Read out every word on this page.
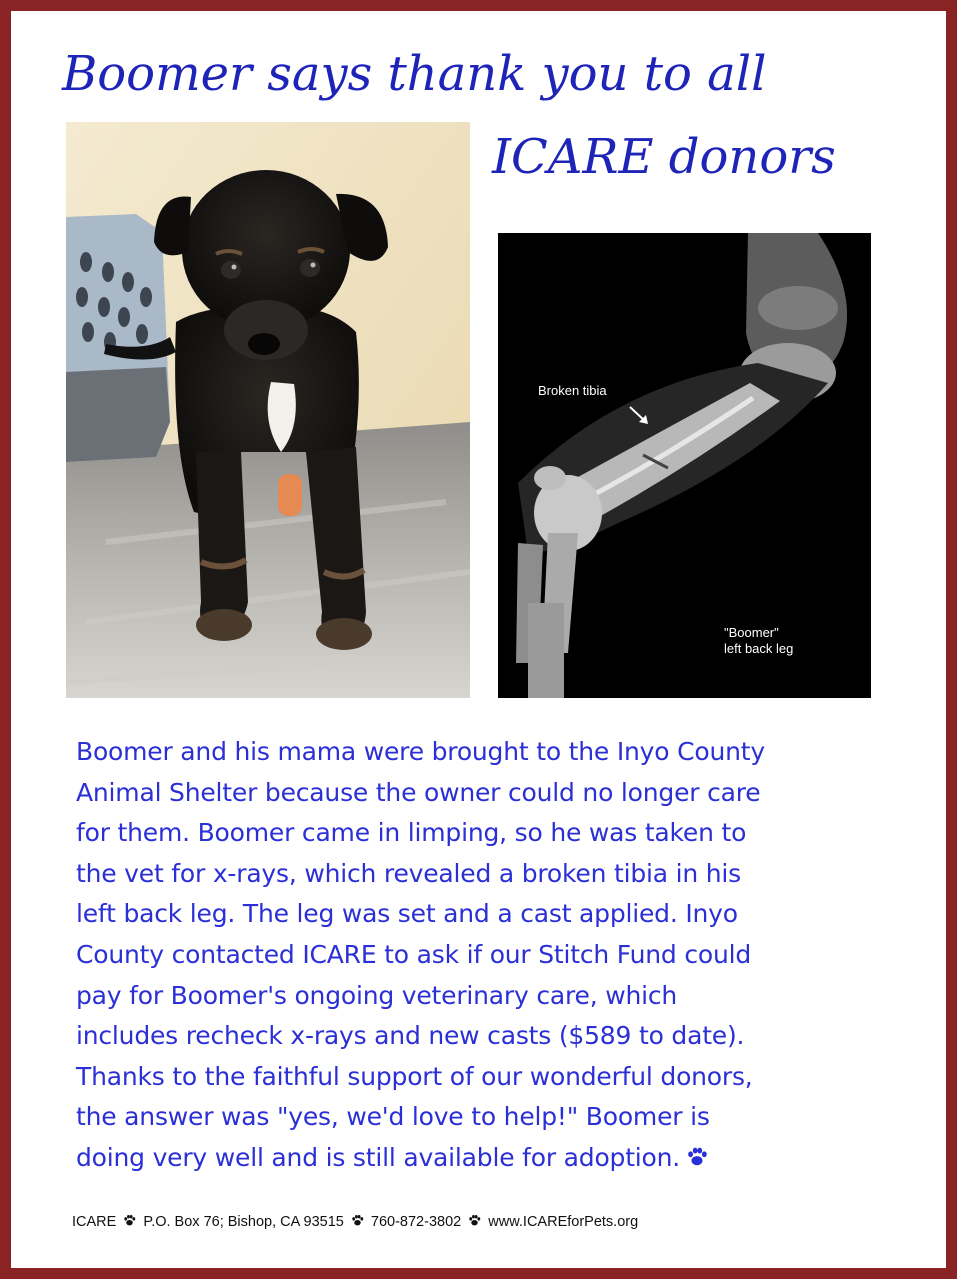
Boomer says thank you to all
ICARE donors
Broken tibia
"Boomer"
left back leg
Boomer and his mama were brought to the Inyo County
Animal Shelter because the owner could no longer care
for them. Boomer came in limping, so he was taken to
the vet for x-rays, which revealed a broken tibia in his
left back leg. The leg was set and a cast applied. Inyo
County contacted ICARE to ask if our Stitch Fund could
pay for Boomer's ongoing veterinary care, which
includes recheck x-rays and new casts ($589 to date).
Thanks to the faithful support of our wonderful donors,
the answer was "yes, we'd love to help!" Boomer is
doing very well and is still available for adoption.
ICARE P.O. Box 76; Bishop, CA 93515 760-872-3802 www.ICAREforPets.org
